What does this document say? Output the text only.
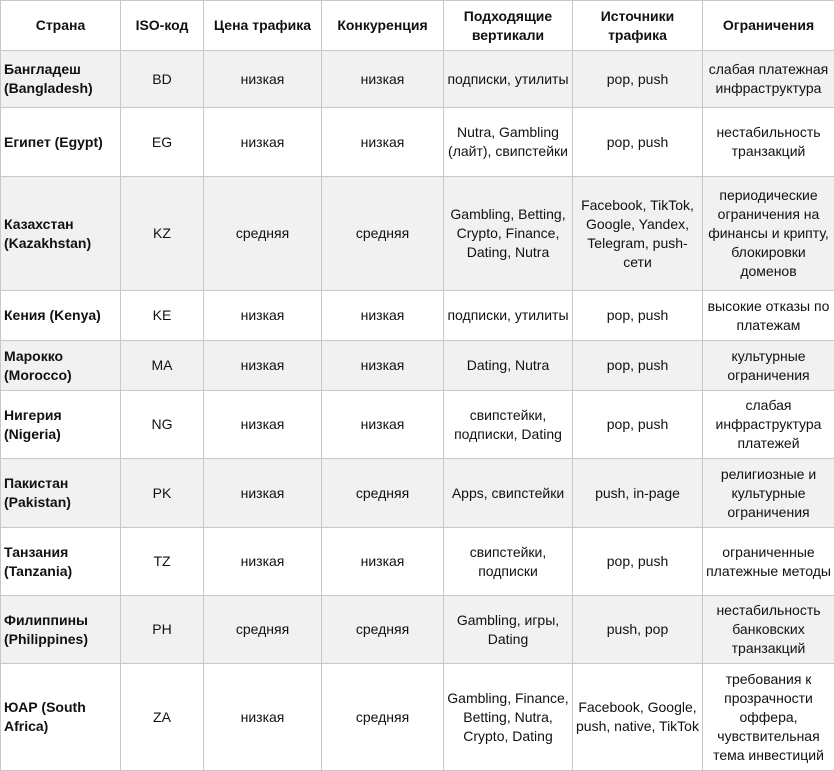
Страна	ISO-код	Цена трафика	Конкуренция	Подходящие вертикали	Источники трафика	Ограничения
Бангладеш (Bangladesh)	BD	низкая	низкая	подписки, утилиты	pop, push	слабая платежная инфраструктура
Египет (Egypt)	EG	низкая	низкая	Nutra, Gambling (лайт), свипстейки	pop, push	нестабильность транзакций
Казахстан (Kazakhstan)	KZ	средняя	средняя	Gambling, Betting, Crypto, Finance, Dating, Nutra	Facebook, TikTok, Google, Yandex, Telegram, push-сети	периодические ограничения на финансы и крипту, блокировки доменов
Кения (Kenya)	KE	низкая	низкая	подписки, утилиты	pop, push	высокие отказы по платежам
Марокко (Morocco)	MA	низкая	низкая	Dating, Nutra	pop, push	культурные ограничения
Нигерия (Nigeria)	NG	низкая	низкая	свипстейки, подписки, Dating	pop, push	слабая инфраструктура платежей
Пакистан (Pakistan)	PK	низкая	средняя	Apps, свипстейки	push, in-page	религиозные и культурные ограничения
Танзания (Tanzania)	TZ	низкая	низкая	свипстейки, подписки	pop, push	ограниченные платежные методы
Филиппины (Philippines)	PH	средняя	средняя	Gambling, игры, Dating	push, pop	нестабильность банковских транзакций
ЮАР (South Africa)	ZA	низкая	средняя	Gambling, Finance, Betting, Nutra, Crypto, Dating	Facebook, Google, push, native, TikTok	требования к прозрачности оффера, чувствительная тема инвестиций
